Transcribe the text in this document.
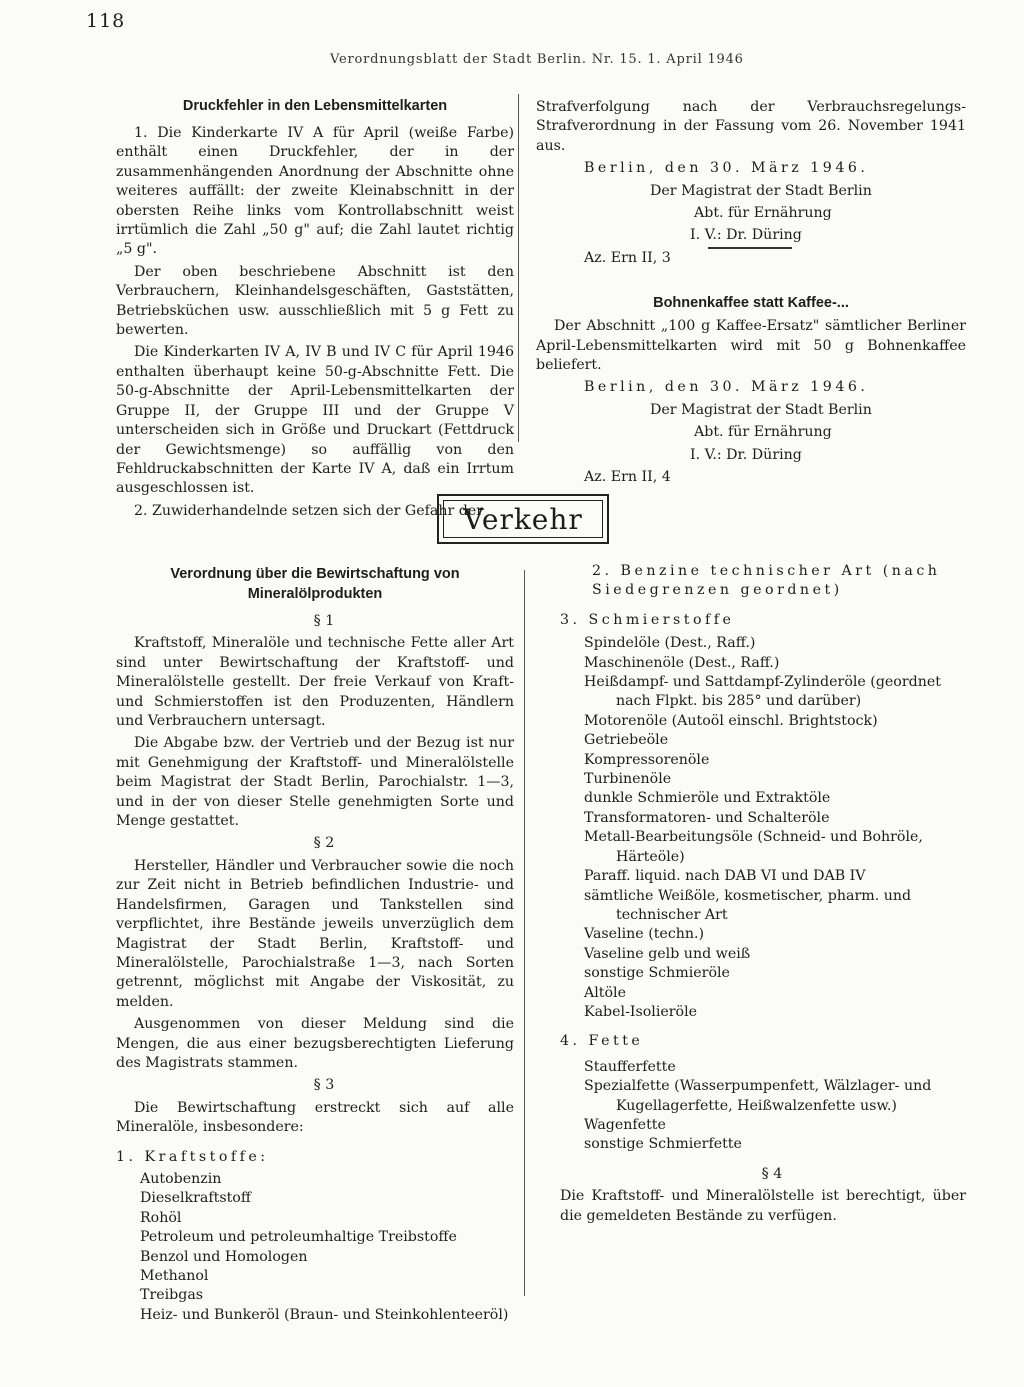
118
Verordnungsblatt der Stadt Berlin. Nr. 15. 1. April 1946
Druckfehler in den Lebensmittelkarten

1. Die Kinderkarte IV A für April (weiße Farbe) enthält einen Druckfehler, der in der zusammenhängenden Anordnung der Abschnitte ohne weiteres auffällt: der zweite Kleinabschnitt in der obersten Reihe links vom Kontrollabschnitt weist irrtümlich die Zahl „50 g" auf; die Zahl lautet richtig „5 g".

Der oben beschriebene Abschnitt ist den Verbrauchern, Kleinhandelsgeschäften, Gaststätten, Betriebsküchen usw. ausschließlich mit 5 g Fett zu bewerten.

Die Kinderkarten IV A, IV B und IV C für April 1946 enthalten überhaupt keine 50-g-Abschnitte Fett. Die 50-g-Abschnitte der April-Lebensmittelkarten der Gruppe II, der Gruppe III und der Gruppe V unterscheiden sich in Größe und Druckart (Fettdruck der Gewichtsmenge) so auffällig von den Fehldruckabschnitten der Karte IV A, daß ein Irrtum ausgeschlossen ist.

2. Zuwiderhandelnde setzen sich der Gefahr der

Strafverfolgung nach der Verbrauchsregelungs-Strafverordnung in der Fassung vom 26. November 1941 aus.

Berlin, den 30. März 1946.

Der Magistrat der Stadt Berlin

Abt. für Ernährung

I. V.: Dr. Düring

Az. Ern II, 3

Bohnenkaffee statt Kaffee-...

Der Abschnitt „100 g Kaffee-Ersatz" sämtlicher Berliner April-Lebensmittelkarten wird mit 50 g Bohnenkaffee beliefert.

Berlin, den 30. März 1946.

Der Magistrat der Stadt Berlin

Abt. für Ernährung

I. V.: Dr. Düring

Az. Ern II, 4

Verkehr
Verordnung über die Bewirtschaftung von Mineralölprodukten

§ 1

Kraftstoff, Mineralöle und technische Fette aller Art sind unter Bewirtschaftung der Kraftstoff- und Mineralölstelle gestellt. Der freie Verkauf von Kraft- und Schmierstoffen ist den Produzenten, Händlern und Verbrauchern untersagt.

Die Abgabe bzw. der Vertrieb und der Bezug ist nur mit Genehmigung der Kraftstoff- und Mineralölstelle beim Magistrat der Stadt Berlin, Parochialstr. 1—3, und in der von dieser Stelle genehmigten Sorte und Menge gestattet.

§ 2

Hersteller, Händler und Verbraucher sowie die noch zur Zeit nicht in Betrieb befindlichen Industrie- und Handelsfirmen, Garagen und Tankstellen sind verpflichtet, ihre Bestände jeweils unverzüglich dem Magistrat der Stadt Berlin, Kraftstoff- und Mineralölstelle, Parochialstraße 1—3, nach Sorten getrennt, möglichst mit Angabe der Viskosität, zu melden.

Ausgenommen von dieser Meldung sind die Mengen, die aus einer bezugsberechtigten Lieferung des Magistrats stammen.

§ 3

Die Bewirtschaftung erstreckt sich auf alle Mineralöle, insbesondere:

1. Kraftstoffe:

Autobenzin
Dieselkraftstoff
Rohöl
Petroleum und petroleumhaltige Treibstoffe
Benzol und Homologen
Methanol
Treibgas
Heiz- und Bunkeröl (Braun- und Steinkohlenteeröl)

2. Benzine technischer Art (nach Siedegrenzen geordnet)

3. Schmierstoffe

Spindelöle (Dest., Raff.)
Maschinenöle (Dest., Raff.)
Heißdampf- und Sattdampf-Zylinderöle (geordnet nach Flpkt. bis 285° und darüber)
Motorenöle (Autoöl einschl. Brightstock)
Getriebeöle
Kompressorenöle
Turbinenöle
dunkle Schmieröle und Extraktöle
Transformatoren- und Schalteröle
Metall-Bearbeitungsöle (Schneid- und Bohröle, Härteöle)
Paraff. liquid. nach DAB VI und DAB IV
sämtliche Weißöle, kosmetischer, pharm. und technischer Art
Vaseline (techn.)
Vaseline gelb und weiß
sonstige Schmieröle
Altöle
Kabel-Isolieröle

4. Fette

Staufferfette
Spezialfette (Wasserpumpenfett, Wälzlager- und Kugellagerfette, Heißwalzenfette usw.)
Wagenfette
sonstige Schmierfette

§ 4

Die Kraftstoff- und Mineralölstelle ist berechtigt, über die gemeldeten Bestände zu verfügen.
